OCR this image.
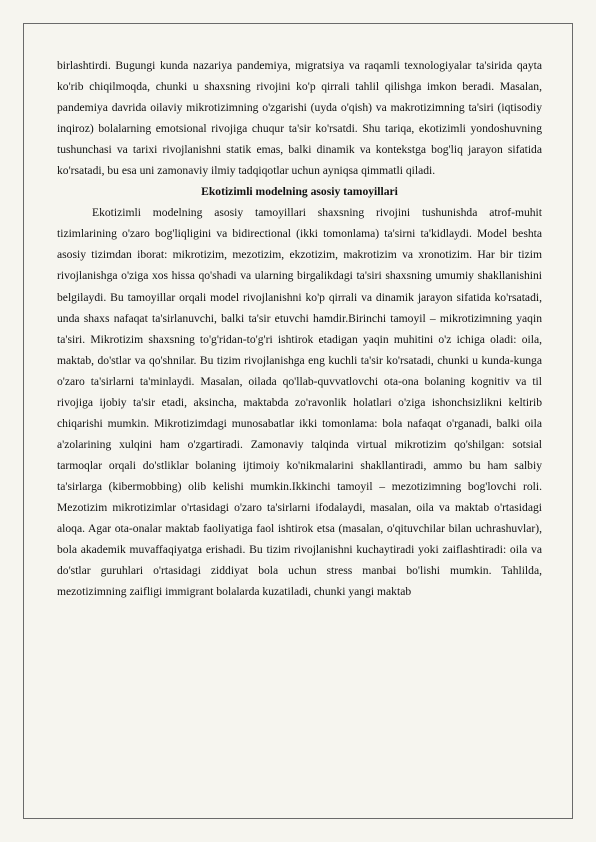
birlashtirdi. Bugungi kunda nazariya pandemiya, migratsiya va raqamli texnologiyalar ta'sirida qayta ko'rib chiqilmoqda, chunki u shaxsning rivojini ko'p qirrali tahlil qilishga imkon beradi. Masalan, pandemiya davrida oilaviy mikrotizimning o'zgarishi (uyda o'qish) va makrotizimning ta'siri (iqtisodiy inqiroz) bolalarning emotsional rivojiga chuqur ta'sir ko'rsatdi. Shu tariqa, ekotizimli yondoshuvning tushunchasi va tarixi rivojlanishni statik emas, balki dinamik va kontekstga bog'liq jarayon sifatida ko'rsatadi, bu esa uni zamonaviy ilmiy tadqiqotlar uchun ayniqsa qimmatli qiladi.

Ekotizimli modelning asosiy tamoyillari

Ekotizimli modelning asosiy tamoyillari shaxsning rivojini tushunishda atrof-muhit tizimlarining o'zaro bog'liqligini va bidirectional (ikki tomonlama) ta'sirni ta'kidlaydi. Model beshta asosiy tizimdan iborat: mikrotizim, mezotizim, ekzotizim, makrotizim va xronotizim. Har bir tizim rivojlanishga o'ziga xos hissa qo'shadi va ularning birgalikdagi ta'siri shaxsning umumiy shakllanishini belgilaydi. Bu tamoyillar orqali model rivojlanishni ko'p qirrali va dinamik jarayon sifatida ko'rsatadi, unda shaxs nafaqat ta'sirlanuvchi, balki ta'sir etuvchi hamdir.Birinchi tamoyil – mikrotizimning yaqin ta'siri. Mikrotizim shaxsning to'g'ridan-to'g'ri ishtirok etadigan yaqin muhitini o'z ichiga oladi: oila, maktab, do'stlar va qo'shnilar. Bu tizim rivojlanishga eng kuchli ta'sir ko'rsatadi, chunki u kunda-kunga o'zaro ta'sirlarni ta'minlaydi. Masalan, oilada qo'llab-quvvatlovchi ota-ona bolaning kognitiv va til rivojiga ijobiy ta'sir etadi, aksincha, maktabda zo'ravonlik holatlari o'ziga ishonchsizlikni keltirib chiqarishi mumkin. Mikrotizimdagi munosabatlar ikki tomonlama: bola nafaqat o'rganadi, balki oila a'zolarining xulqini ham o'zgartiradi. Zamonaviy talqinda virtual mikrotizim qo'shilgan: sotsial tarmoqlar orqali do'stliklar bolaning ijtimoiy ko'nikmalarini shakllantiradi, ammo bu ham salbiy ta'sirlarga (kibermobbing) olib kelishi mumkin.Ikkinchi tamoyil – mezotizimning bog'lovchi roli. Mezotizim mikrotizimlar o'rtasidagi o'zaro ta'sirlarni ifodalaydi, masalan, oila va maktab o'rtasidagi aloqa. Agar ota-onalar maktab faoliyatiga faol ishtirok etsa (masalan, o'qituvchilar bilan uchrashuvlar), bola akademik muvaffaqiyatga erishadi. Bu tizim rivojlanishni kuchaytiradi yoki zaiflashtiradi: oila va do'stlar guruhlari o'rtasidagi ziddiyat bola uchun stress manbai bo'lishi mumkin. Tahlilda, mezotizimning zaifligi immigrant bolalarda kuzatiladi, chunki yangi maktab
